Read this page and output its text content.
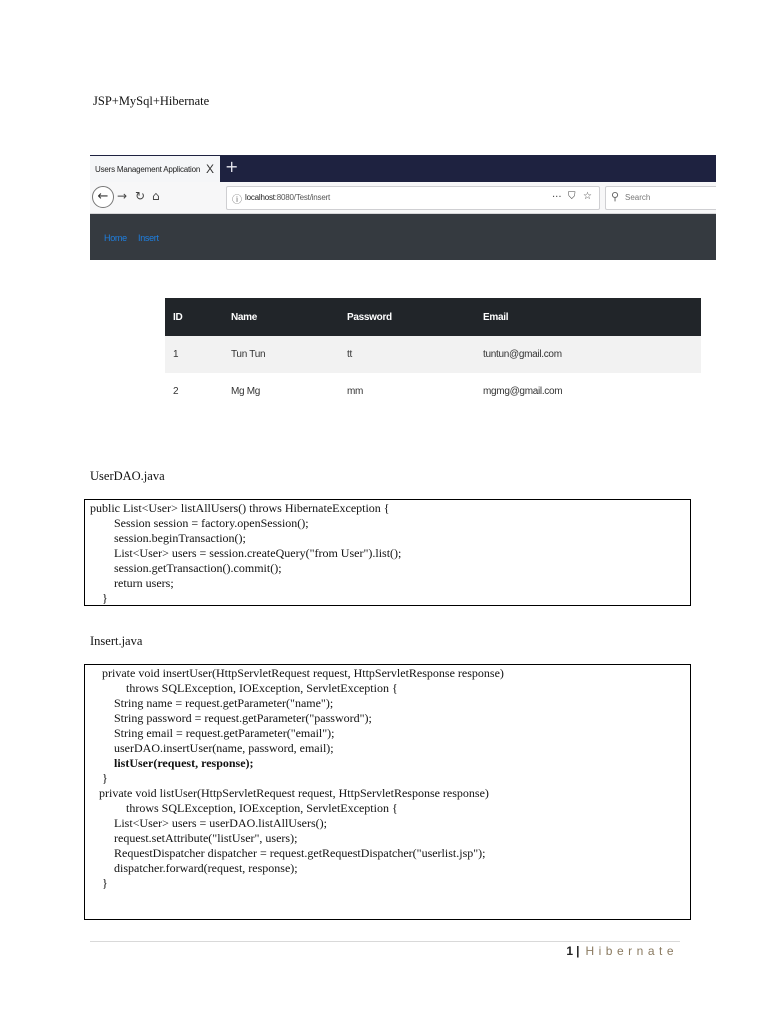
JSP+MySql+Hibernate
Users Management Application X +
← → ↻ ⌂	ⓘ localhost:8080/Test/insert	··· ⛉ ☆ ⚲ Search
Home Insert
ID	Name	Password	Email
1	Tun Tun	tt	tuntun@gmail.com
2	Mg Mg	mm	mgmg@gmail.com
UserDAO.java
public List<User> listAllUsers() throws HibernateException {
Session session = factory.openSession();
session.beginTransaction();
List<User> users = session.createQuery("from User").list();
session.getTransaction().commit();
return users;
}
Insert.java
private void insertUser(HttpServletRequest request, HttpServletResponse response)
throws SQLException, IOException, ServletException {
String name = request.getParameter("name");
String password = request.getParameter("password");
String email = request.getParameter("email");
userDAO.insertUser(name, password, email);
listUser(request, response);
}
private void listUser(HttpServletRequest request, HttpServletResponse response)
throws SQLException, IOException, ServletException {
List<User> users = userDAO.listAllUsers();
request.setAttribute("listUser", users);
RequestDispatcher dispatcher = request.getRequestDispatcher("userlist.jsp");
dispatcher.forward(request, response);
}
1 | Hibernate
